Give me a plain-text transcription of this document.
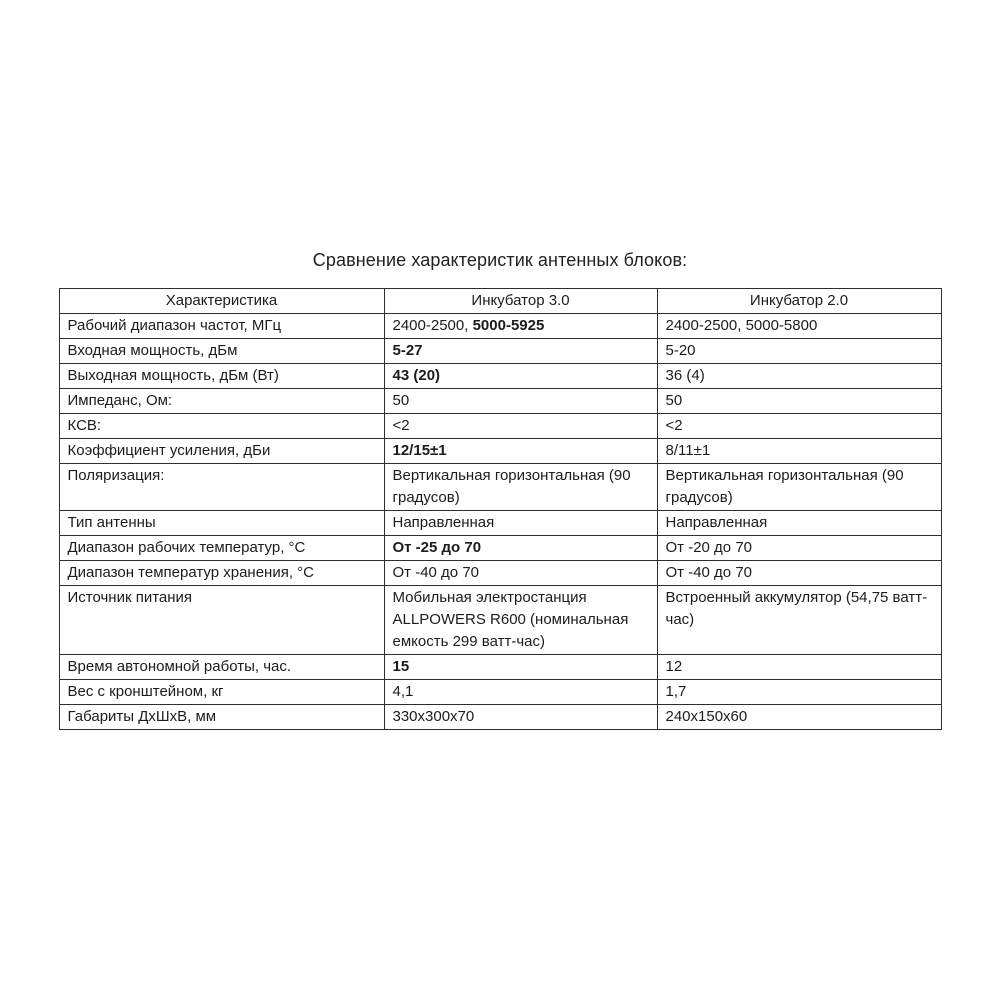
Сравнение характеристик антенных блоков:
Характеристика	Инкубатор 3.0	Инкубатор 2.0
Рабочий диапазон частот, МГц	2400-2500, 5000-5925	2400-2500, 5000-5800
Входная мощность, дБм	5-27	5-20
Выходная мощность, дБм (Вт)	43 (20)	36 (4)
Импеданс, Ом:	50	50
КСВ:	<2	<2
Коэффициент усиления, дБи	12/15±1	8/11±1
Поляризация:	Вертикальная горизонтальная (90 градусов)	Вертикальная горизонтальная (90 градусов)
Тип антенны	Направленная	Направленная
Диапазон рабочих температур, °С	От -25 до 70	От -20 до 70
Диапазон температур хранения, °С	От -40 до 70	От -40 до 70
Источник питания	Мобильная электростанция ALLPOWERS R600 (номинальная емкость 299 ватт-час)	Встроенный аккумулятор (54,75 ватт-час)
Время автономной работы, час.	15	12
Вес с кронштейном, кг	4,1	1,7
Габариты ДхШхВ, мм	330x300x70	240x150x60
